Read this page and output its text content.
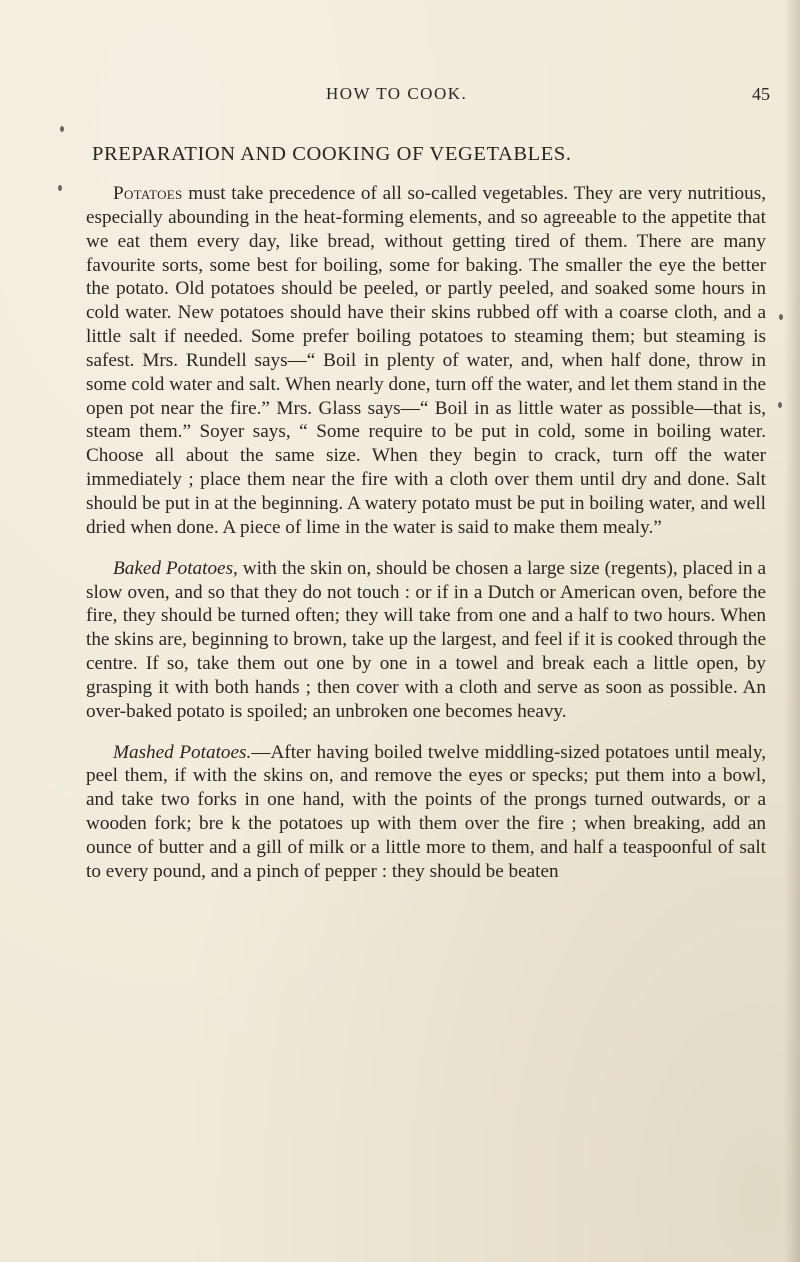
HOW TO COOK.	45
PREPARATION AND COOKING OF VEGETABLES.

Potatoes must take precedence of all so-called vegetables. They are very nutritious, especially abounding in the heat-forming elements, and so agreeable to the appetite that we eat them every day, like bread, without getting tired of them. There are many favourite sorts, some best for boiling, some for baking. The smaller the eye the better the potato. Old potatoes should be peeled, or partly peeled, and soaked some hours in cold water. New potatoes should have their skins rubbed off with a coarse cloth, and a little salt if needed. Some prefer boiling potatoes to steaming them; but steaming is safest. Mrs. Rundell says—“ Boil in plenty of water, and, when half done, throw in some cold water and salt. When nearly done, turn off the water, and let them stand in the open pot near the fire.” Mrs. Glass says—“ Boil in as little water as possible—that is, steam them.” Soyer says, “ Some require to be put in cold, some in boiling water. Choose all about the same size. When they begin to crack, turn off the water immediately ; place them near the fire with a cloth over them until dry and done. Salt should be put in at the beginning. A watery potato must be put in boiling water, and well dried when done. A piece of lime in the water is said to make them mealy.”

Baked Potatoes, with the skin on, should be chosen a large size (regents), placed in a slow oven, and so that they do not touch : or if in a Dutch or American oven, before the fire, they should be turned often; they will take from one and a half to two hours. When the skins are, beginning to brown, take up the largest, and feel if it is cooked through the centre. If so, take them out one by one in a towel and break each a little open, by grasping it with both hands ; then cover with a cloth and serve as soon as possible. An over-baked potato is spoiled; an unbroken one becomes heavy.

Mashed Potatoes.—After having boiled twelve middling-sized potatoes until mealy, peel them, if with the skins on, and remove the eyes or specks; put them into a bowl, and take two forks in one hand, with the points of the prongs turned outwards, or a wooden fork; bre k the potatoes up with them over the fire ; when breaking, add an ounce of butter and a gill of milk or a little more to them, and half a teaspoonful of salt to every pound, and a pinch of pepper : they should be beaten
